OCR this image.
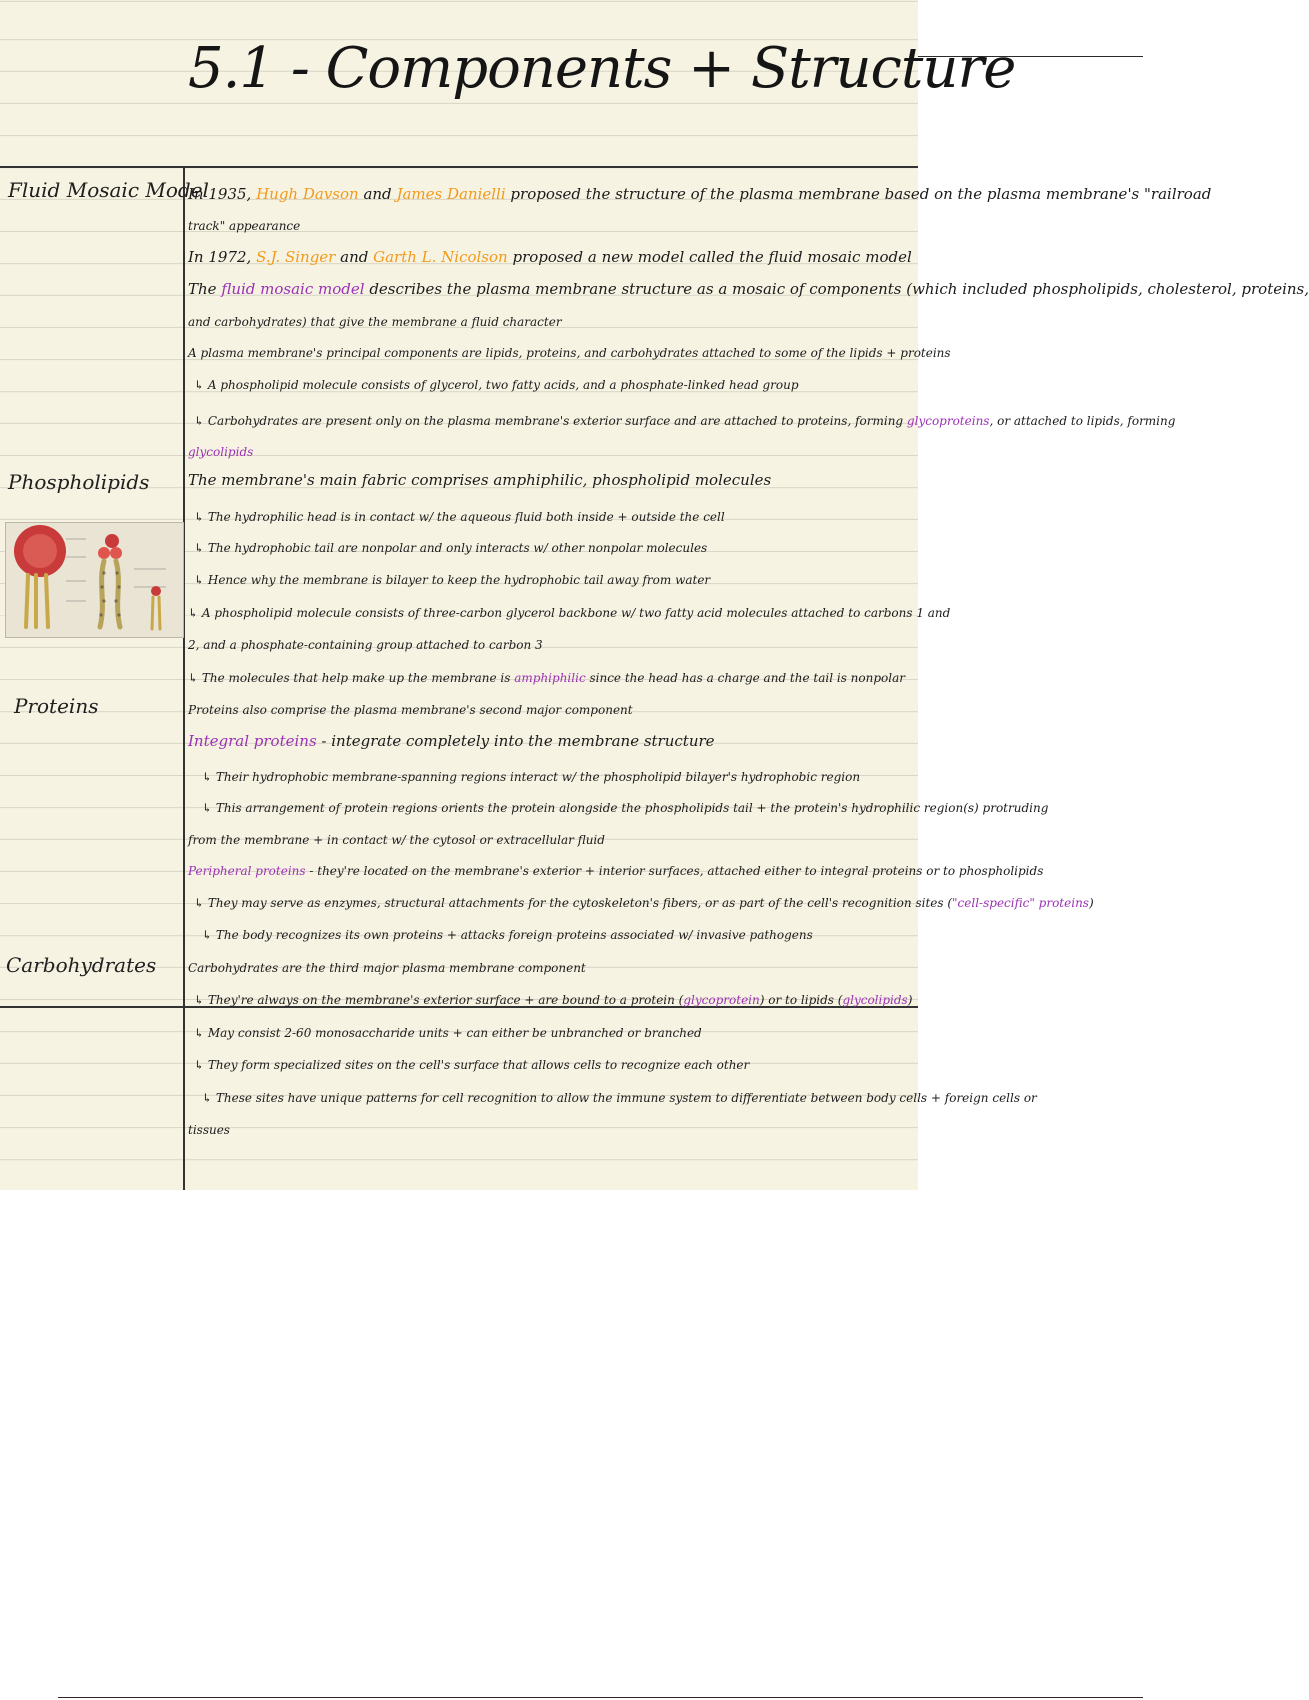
5.1 - Components + Structure
Fluid Mosaic Model
Phospholipids
Proteins
Carbohydrates
In 1935, Hugh Davson and James Danielli proposed the structure of the plasma membrane based on the plasma membrane's "railroad
track" appearance
In 1972, S.J. Singer and Garth L. Nicolson proposed a new model called the fluid mosaic model
The fluid mosaic model describes the plasma membrane structure as a mosaic of components (which included phospholipids, cholesterol, proteins,
and carbohydrates) that give the membrane a fluid character
A plasma membrane's principal components are lipids, proteins, and carbohydrates attached to some of the lipids + proteins
↳ A phospholipid molecule consists of glycerol, two fatty acids, and a phosphate-linked head group
↳ Carbohydrates are present only on the plasma membrane's exterior surface and are attached to proteins, forming glycoproteins, or attached to lipids, forming
glycolipids
The membrane's main fabric comprises amphiphilic, phospholipid molecules
↳ The hydrophilic head is in contact w/ the aqueous fluid both inside + outside the cell
↳ The hydrophobic tail are nonpolar and only interacts w/ other nonpolar molecules
↳ Hence why the membrane is bilayer to keep the hydrophobic tail away from water
↳ A phospholipid molecule consists of three-carbon glycerol backbone w/ two fatty acid molecules attached to carbons 1 and
2, and a phosphate-containing group attached to carbon 3
↳ The molecules that help make up the membrane is amphiphilic since the head has a charge and the tail is nonpolar
Proteins also comprise the plasma membrane's second major component
Integral proteins - integrate completely into the membrane structure
↳ Their hydrophobic membrane-spanning regions interact w/ the phospholipid bilayer's hydrophobic region
↳ This arrangement of protein regions orients the protein alongside the phospholipids tail + the protein's hydrophilic region(s) protruding
from the membrane + in contact w/ the cytosol or extracellular fluid
Peripheral proteins - they're located on the membrane's exterior + interior surfaces, attached either to integral proteins or to phospholipids
↳ They may serve as enzymes, structural attachments for the cytoskeleton's fibers, or as part of the cell's recognition sites ("cell-specific" proteins)
↳ The body recognizes its own proteins + attacks foreign proteins associated w/ invasive pathogens
Carbohydrates are the third major plasma membrane component
↳ They're always on the membrane's exterior surface + are bound to a protein (glycoprotein) or to lipids (glycolipids)
↳ May consist 2-60 monosaccharide units + can either be unbranched or branched
↳ They form specialized sites on the cell's surface that allows cells to recognize each other
↳ These sites have unique patterns for cell recognition to allow the immune system to differentiate between body cells + foreign cells or
tissues
